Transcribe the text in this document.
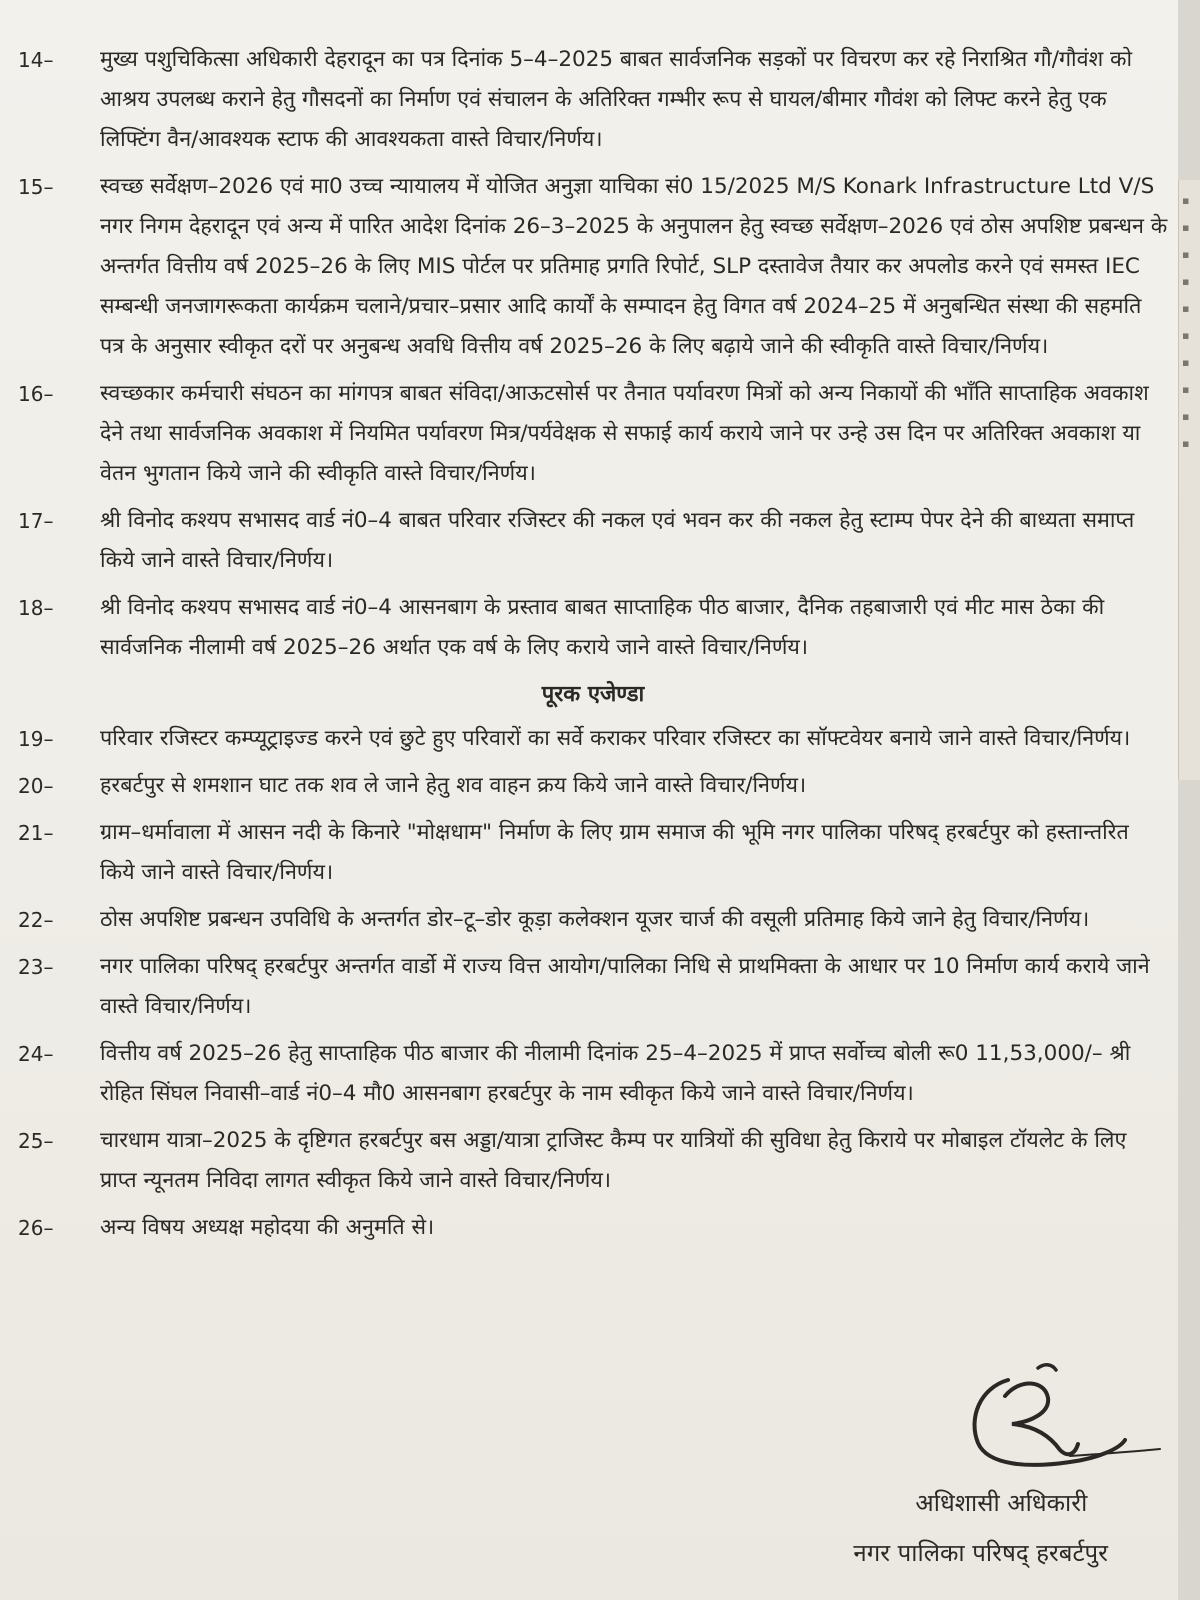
14–	मुख्य पशुचिकित्सा अधिकारी देहरादून का पत्र दिनांक 5–4–2025 बाबत सार्वजनिक सड़कों पर विचरण कर रहे निराश्रित गौ/गौवंश को आश्रय उपलब्ध कराने हेतु गौसदनों का निर्माण एवं संचालन के अतिरिक्त गम्भीर रूप से घायल/बीमार गौवंश को लिफ्ट करने हेतु एक लिफ्टिंग वैन/आवश्यक स्टाफ की आवश्यकता वास्ते विचार/निर्णय।
15–	स्वच्छ सर्वेक्षण–2026 एवं मा0 उच्च न्यायालय में योजित अनुज्ञा याचिका सं0 15/2025 M/S Konark Infrastructure Ltd V/S नगर निगम देहरादून एवं अन्य में पारित आदेश दिनांक 26–3–2025 के अनुपालन हेतु स्वच्छ सर्वेक्षण–2026 एवं ठोस अपशिष्ट प्रबन्धन के अन्तर्गत वित्तीय वर्ष 2025–26 के लिए MIS पोर्टल पर प्रतिमाह प्रगति रिपोर्ट, SLP दस्तावेज तैयार कर अपलोड करने एवं समस्त IEC सम्बन्धी जनजागरूकता कार्यक्रम चलाने/प्रचार–प्रसार आदि कार्यों के सम्पादन हेतु विगत वर्ष 2024–25 में अनुबन्धित संस्था की सहमति पत्र के अनुसार स्वीकृत दरों पर अनुबन्ध अवधि वित्तीय वर्ष 2025–26 के लिए बढ़ाये जाने की स्वीकृति वास्ते विचार/निर्णय।
16–	स्वच्छकार कर्मचारी संघठन का मांगपत्र बाबत संविदा/आऊटसोर्स पर तैनात पर्यावरण मित्रों को अन्य निकायों की भाँति साप्ताहिक अवकाश देने तथा सार्वजनिक अवकाश में नियमित पर्यावरण मित्र/पर्यवेक्षक से सफाई कार्य कराये जाने पर उन्हे उस दिन पर अतिरिक्त अवकाश या वेतन भुगतान किये जाने की स्वीकृति वास्ते विचार/निर्णय।
17–	श्री विनोद कश्यप सभासद वार्ड नं0–4 बाबत परिवार रजिस्टर की नकल एवं भवन कर की नकल हेतु स्टाम्प पेपर देने की बाध्यता समाप्त किये जाने वास्ते विचार/निर्णय।
18–	श्री विनोद कश्यप सभासद वार्ड नं0–4 आसनबाग के प्रस्ताव बाबत साप्ताहिक पीठ बाजार, दैनिक तहबाजारी एवं मीट मास ठेका की सार्वजनिक नीलामी वर्ष 2025–26 अर्थात एक वर्ष के लिए कराये जाने वास्ते विचार/निर्णय।
पूरक एजेण्डा
19–	परिवार रजिस्टर कम्प्यूट्राइज्ड करने एवं छुटे हुए परिवारों का सर्वे कराकर परिवार रजिस्टर का सॉफ्टवेयर बनाये जाने वास्ते विचार/निर्णय।
20–	हरबर्टपुर से शमशान घाट तक शव ले जाने हेतु शव वाहन क्रय किये जाने वास्ते विचार/निर्णय।
21–	ग्राम–धर्मावाला में आसन नदी के किनारे "मोक्षधाम" निर्माण के लिए ग्राम समाज की भूमि नगर पालिका परिषद् हरबर्टपुर को हस्तान्तरित किये जाने वास्ते विचार/निर्णय।
22–	ठोस अपशिष्ट प्रबन्धन उपविधि के अन्तर्गत डोर–टू–डोर कूड़ा कलेक्शन यूजर चार्ज की वसूली प्रतिमाह किये जाने हेतु विचार/निर्णय।
23–	नगर पालिका परिषद् हरबर्टपुर अन्तर्गत वार्डो में राज्य वित्त आयोग/पालिका निधि से प्राथमिक्ता के आधार पर 10 निर्माण कार्य कराये जाने वास्ते विचार/निर्णय।
24–	वित्तीय वर्ष 2025–26 हेतु साप्ताहिक पीठ बाजार की नीलामी दिनांक 25–4–2025 में प्राप्त सर्वोच्च बोली रू0 11,53,000/– श्री रोहित सिंघल निवासी–वार्ड नं0–4 मौ0 आसनबाग हरबर्टपुर के नाम स्वीकृत किये जाने वास्ते विचार/निर्णय।
25–	चारधाम यात्रा–2025 के दृष्टिगत हरबर्टपुर बस अड्डा/यात्रा ट्राजिस्ट कैम्प पर यात्रियों की सुविधा हेतु किराये पर मोबाइल टॉयलेट के लिए प्राप्त न्यूनतम निविदा लागत स्वीकृत किये जाने वास्ते विचार/निर्णय।
26–	अन्य विषय अध्यक्ष महोदया की अनुमति से।
अधिशासी अधिकारी
नगर पालिका परिषद् हरबर्टपुर
▪
▪
▪
▪
▪
▪
▪
▪
▪
▪
